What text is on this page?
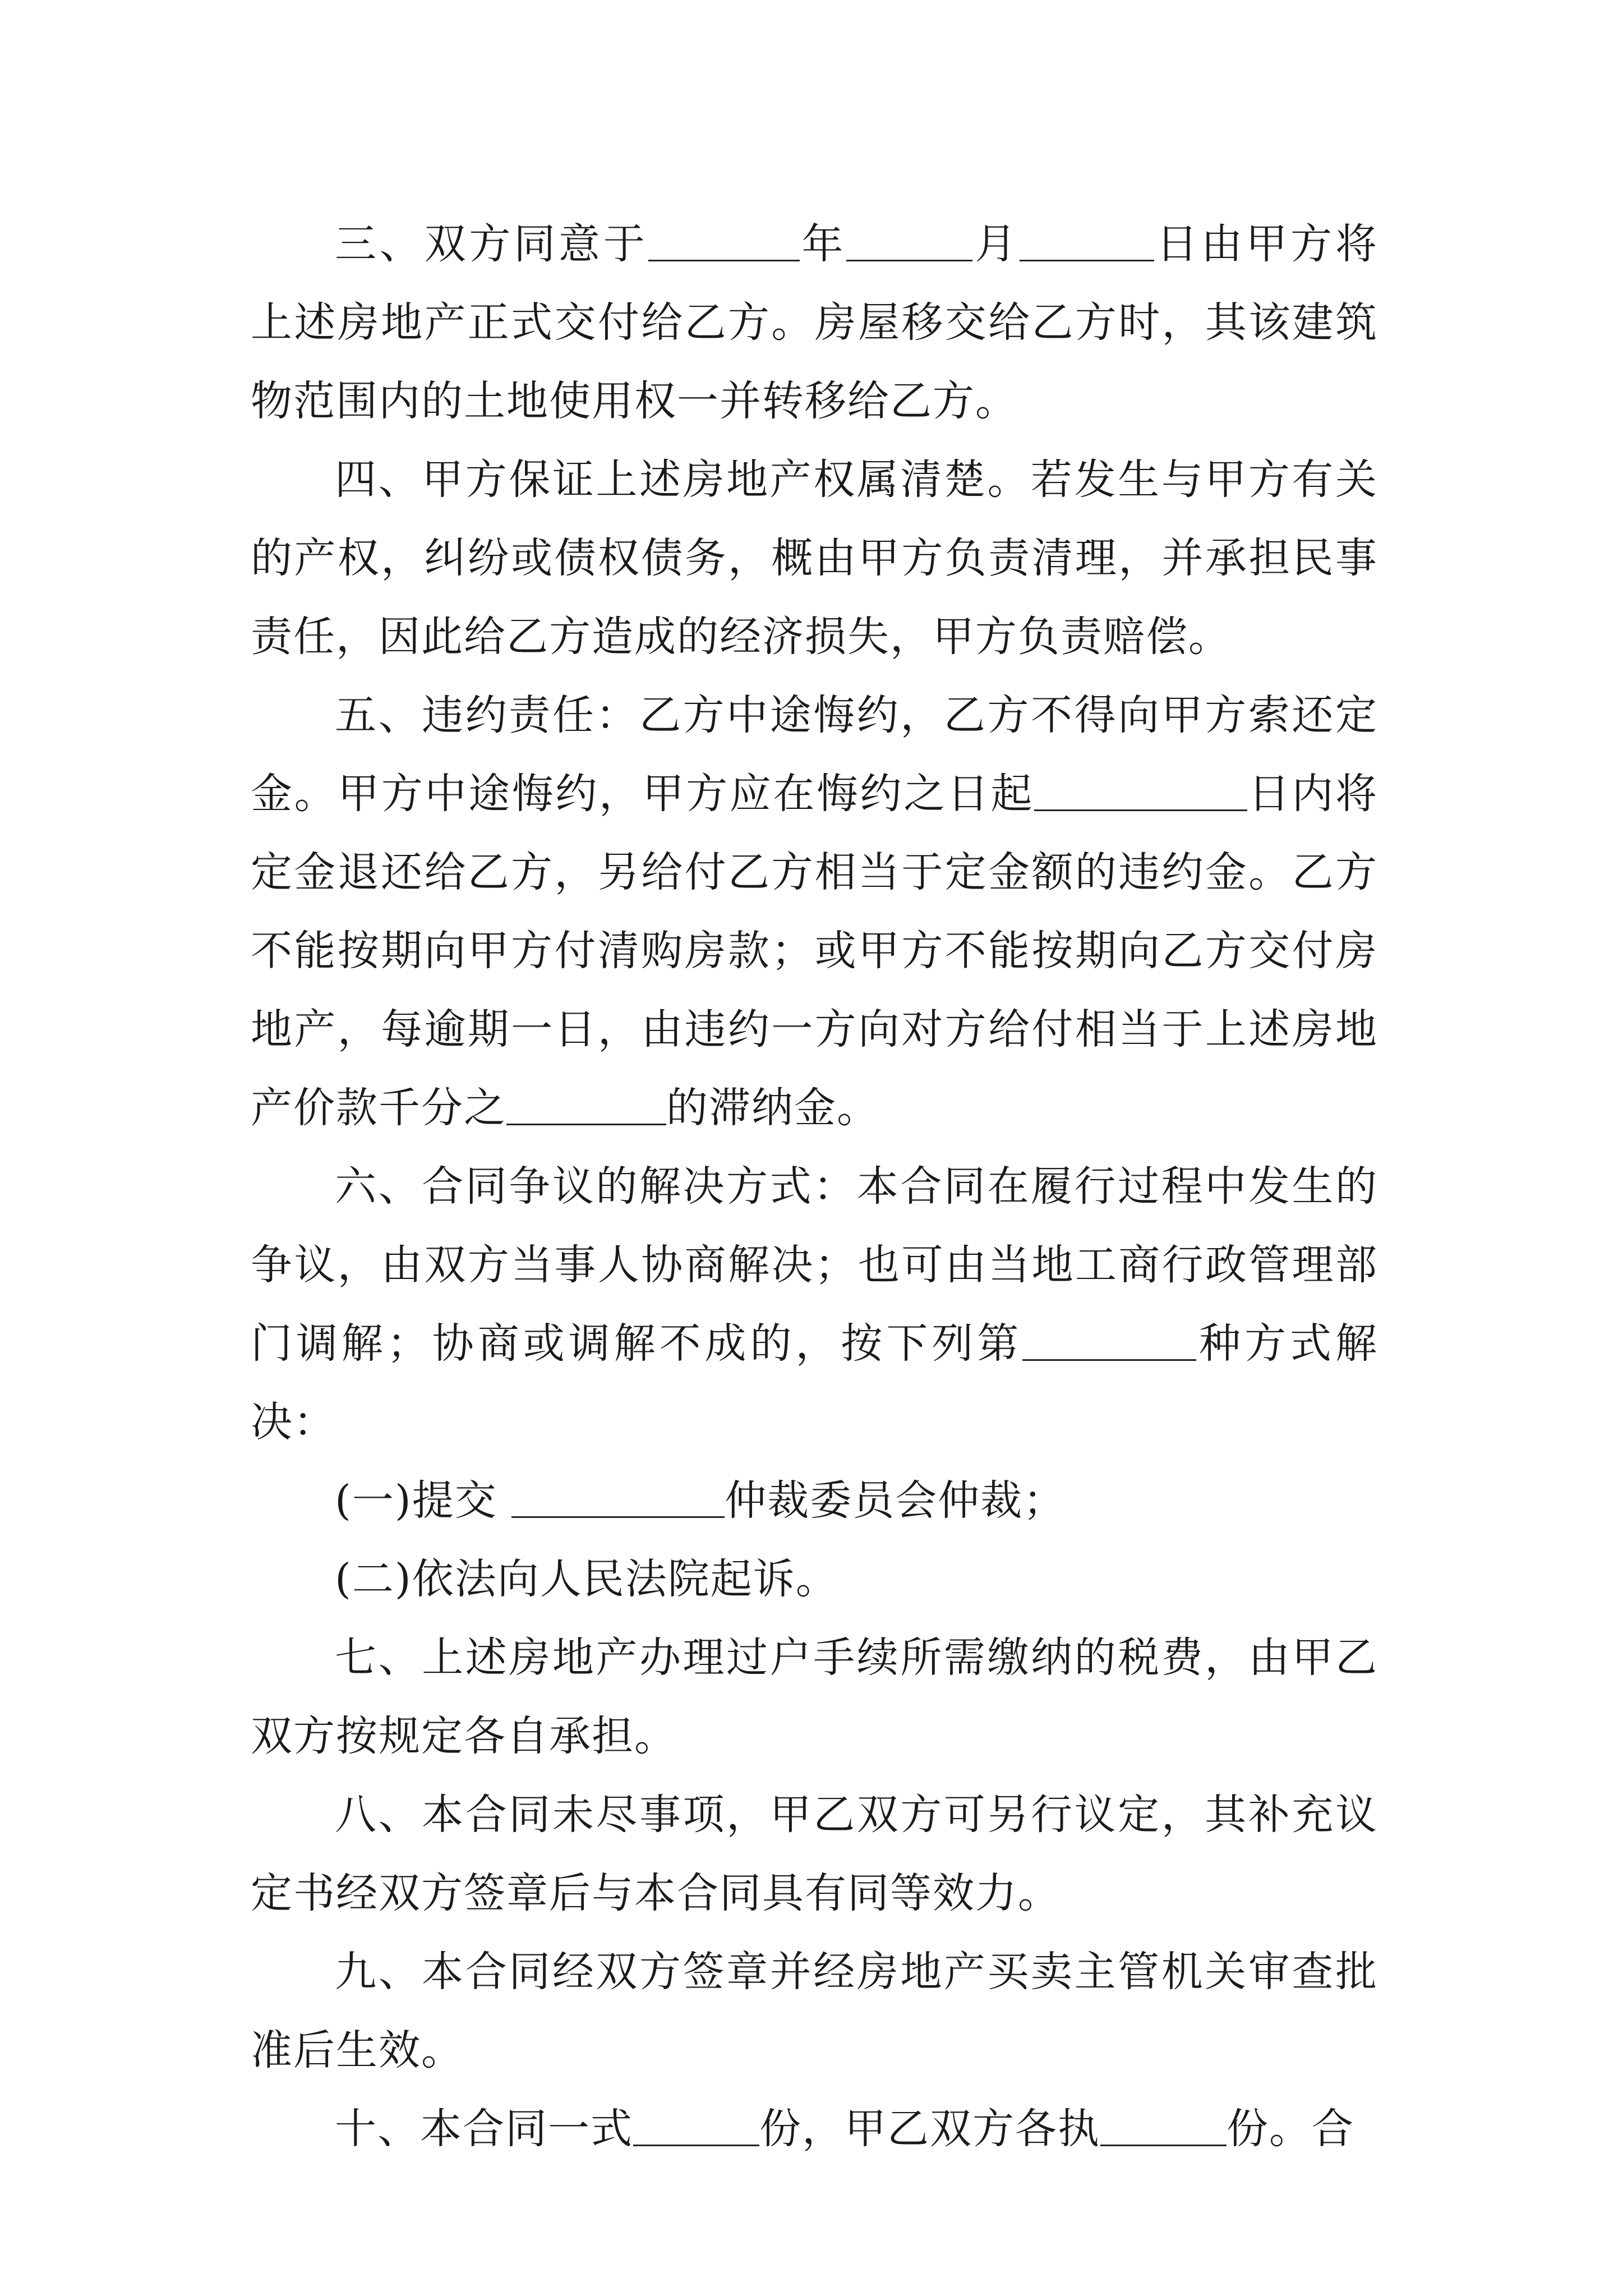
三、双方同意于	年	月	日由甲方将上述房地产正式交付给乙方。房屋移交给乙方时，其该建筑物范围内的土地使用权一并转移给乙方。

四、甲方保证上述房地产权属清楚。若发生与甲方有关的产权，纠纷或债权债务，概由甲方负责清理，并承担民事责任，因此给乙方造成的经济损失，甲方负责赔偿。

五、违约责任：乙方中途悔约，乙方不得向甲方索还定金。甲方中途悔约，甲方应在悔约之日起	日内将定金退还给乙方，另给付乙方相当于定金额的违约金。乙方不能按期向甲方付清购房款；或甲方不能按期向乙方交付房地产，每逾期一日，由违约一方向对方给付相当于上述房地产价款千分之	的滞纳金。

六、合同争议的解决方式：本合同在履行过程中发生的争议，由双方当事人协商解决；也可由当地工商行政管理部门调解；协商或调解不成的，按下列第	种方式解决：

(一)提交	仲裁委员会仲裁；

(二)依法向人民法院起诉。

七、上述房地产办理过户手续所需缴纳的税费，由甲乙双方按规定各自承担。

八、本合同未尽事项，甲乙双方可另行议定，其补充议定书经双方签章后与本合同具有同等效力。

九、本合同经双方签章并经房地产买卖主管机关审查批准后生效。

十、本合同一式	份，甲乙双方各执	份。合
